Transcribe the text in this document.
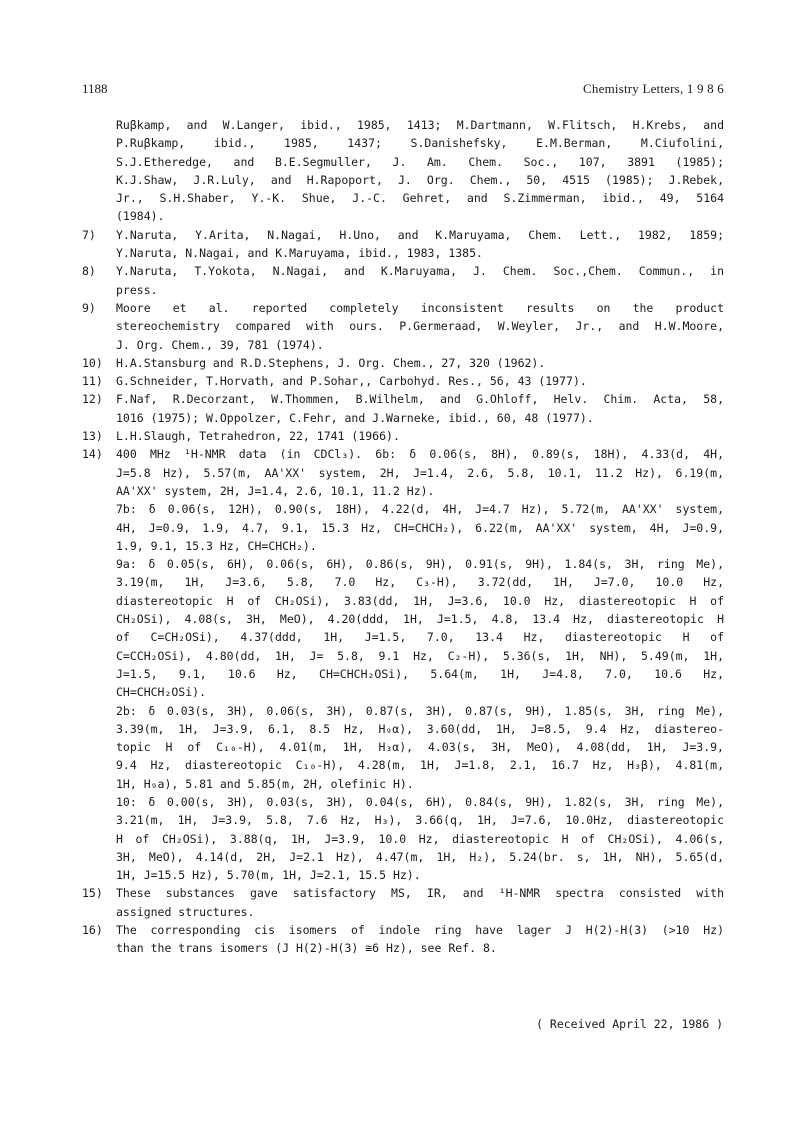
1188	Chemistry Letters, 1 9 8 6
Ruβkamp, and W.Langer, ibid., 1985, 1413; M.Dartmann, W.Flitsch, H.Krebs, and
P.Ruβkamp, ibid., 1985, 1437; S.Danishefsky, E.M.Berman, M.Ciufolini,
S.J.Etheredge, and B.E.Segmuller, J. Am. Chem. Soc., 107, 3891 (1985);
K.J.Shaw, J.R.Luly, and H.Rapoport, J. Org. Chem., 50, 4515 (1985); J.Rebek,
Jr., S.H.Shaber, Y.-K. Shue, J.-C. Gehret, and S.Zimmerman, ibid., 49, 5164
(1984).
7) Y.Naruta, Y.Arita, N.Nagai, H.Uno, and K.Maruyama, Chem. Lett., 1982, 1859;
Y.Naruta, N.Nagai, and K.Maruyama, ibid., 1983, 1385.
8) Y.Naruta, T.Yokota, N.Nagai, and K.Maruyama, J. Chem. Soc.,Chem. Commun., in
press.
9) Moore et al. reported completely inconsistent results on the product
stereochemistry compared with ours. P.Germeraad, W.Weyler, Jr., and H.W.Moore,
J. Org. Chem., 39, 781 (1974).
10) H.A.Stansburg and R.D.Stephens, J. Org. Chem., 27, 320 (1962).
11) G.Schneider, T.Horvath, and P.Sohar,, Carbohyd. Res., 56, 43 (1977).
12) F.Naf, R.Decorzant, W.Thommen, B.Wilhelm, and G.Ohloff, Helv. Chim. Acta, 58,
1016 (1975); W.Oppolzer, C.Fehr, and J.Warneke, ibid., 60, 48 (1977).
13) L.H.Slaugh, Tetrahedron, 22, 1741 (1966).
14) 400 MHz ¹H-NMR data (in CDCl₃). 6b: δ 0.06(s, 8H), 0.89(s, 18H), 4.33(d, 4H,
J=5.8 Hz), 5.57(m, AA'XX' system, 2H, J=1.4, 2.6, 5.8, 10.1, 11.2 Hz), 6.19(m,
AA'XX' system, 2H, J=1.4, 2.6, 10.1, 11.2 Hz).
7b: δ 0.06(s, 12H), 0.90(s, 18H), 4.22(d, 4H, J=4.7 Hz), 5.72(m, AA'XX' system,
4H, J=0.9, 1.9, 4.7, 9.1, 15.3 Hz, CH=CHCH₂), 6.22(m, AA'XX' system, 4H, J=0.9,
1.9, 9.1, 15.3 Hz, CH=CHCH₂).
9a: δ 0.05(s, 6H), 0.06(s, 6H), 0.86(s, 9H), 0.91(s, 9H), 1.84(s, 3H, ring Me),
3.19(m, 1H, J=3.6, 5.8, 7.0 Hz, C₃-H), 3.72(dd, 1H, J=7.0, 10.0 Hz,
diastereotopic H of CH₂OSi), 3.83(dd, 1H, J=3.6, 10.0 Hz, diastereotopic H of
CH₂OSi), 4.08(s, 3H, MeO), 4.20(ddd, 1H, J=1.5, 4.8, 13.4 Hz, diastereotopic H
of C=CH₂OSi), 4.37(ddd, 1H, J=1.5, 7.0, 13.4 Hz, diastereotopic H of
C=CCH₂OSi), 4.80(dd, 1H, J= 5.8, 9.1 Hz, C₂-H), 5.36(s, 1H, NH), 5.49(m, 1H,
J=1.5, 9.1, 10.6 Hz, CH=CHCH₂OSi), 5.64(m, 1H, J=4.8, 7.0, 10.6 Hz,
CH=CHCH₂OSi).
2b: δ 0.03(s, 3H), 0.06(s, 3H), 0.87(s, 3H), 0.87(s, 9H), 1.85(s, 3H, ring Me),
3.39(m, 1H, J=3.9, 6.1, 8.5 Hz, H₉α), 3.60(dd, 1H, J=8.5, 9.4 Hz, diastereo-
topic H of C₁₀-H), 4.01(m, 1H, H₃α), 4.03(s, 3H, MeO), 4.08(dd, 1H, J=3.9,
9.4 Hz, diastereotopic C₁₀-H), 4.28(m, 1H, J=1.8, 2.1, 16.7 Hz, H₃β), 4.81(m,
1H, H₉a), 5.81 and 5.85(m, 2H, olefinic H).
10: δ 0.00(s, 3H), 0.03(s, 3H), 0.04(s, 6H), 0.84(s, 9H), 1.82(s, 3H, ring Me),
3.21(m, 1H, J=3.9, 5.8, 7.6 Hz, H₃), 3.66(q, 1H, J=7.6, 10.0Hz, diastereotopic
H of CH₂OSi), 3.88(q, 1H, J=3.9, 10.0 Hz, diastereotopic H of CH₂OSi), 4.06(s,
3H, MeO), 4.14(d, 2H, J=2.1 Hz), 4.47(m, 1H, H₂), 5.24(br. s, 1H, NH), 5.65(d,
1H, J=15.5 Hz), 5.70(m, 1H, J=2.1, 15.5 Hz).
15) These substances gave satisfactory MS, IR, and ¹H-NMR spectra consisted with
assigned structures.
16) The corresponding cis isomers of indole ring have lager J H(2)-H(3) (>10 Hz)
than the trans isomers (J H(2)-H(3) ≅6 Hz), see Ref. 8.
( Received April 22, 1986 )
